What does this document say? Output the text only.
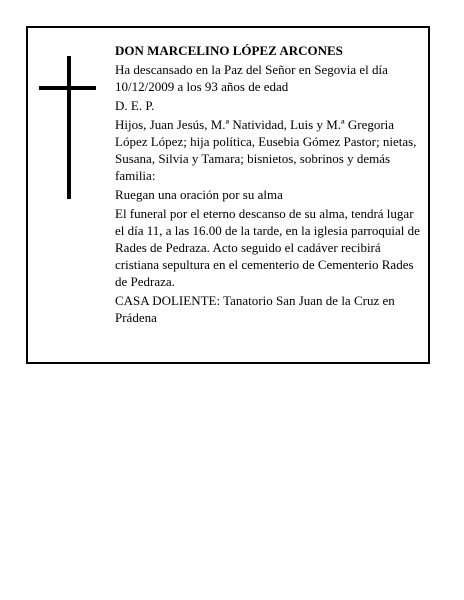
DON MARCELINO LÓPEZ ARCONES

Ha descansado en la Paz del Señor en Segovia el día 10/12/2009 a los 93 años de edad

D. E. P.

Hijos, Juan Jesús, M.ª Natividad, Luis y M.ª Gregoria López López; hija política, Eusebia Gómez Pastor; nietas, Susana, Silvia y Tamara; bisnietos, sobrinos y demás familia:

Ruegan una oración por su alma

El funeral por el eterno descanso de su alma, tendrá lugar el día 11, a las 16.00 de la tarde, en la iglesia parroquial de Rades de Pedraza. Acto seguido el cadáver recibirá cristiana sepultura en el cementerio de Cementerio Rades de Pedraza.

CASA DOLIENTE: Tanatorio San Juan de la Cruz en Prádena
